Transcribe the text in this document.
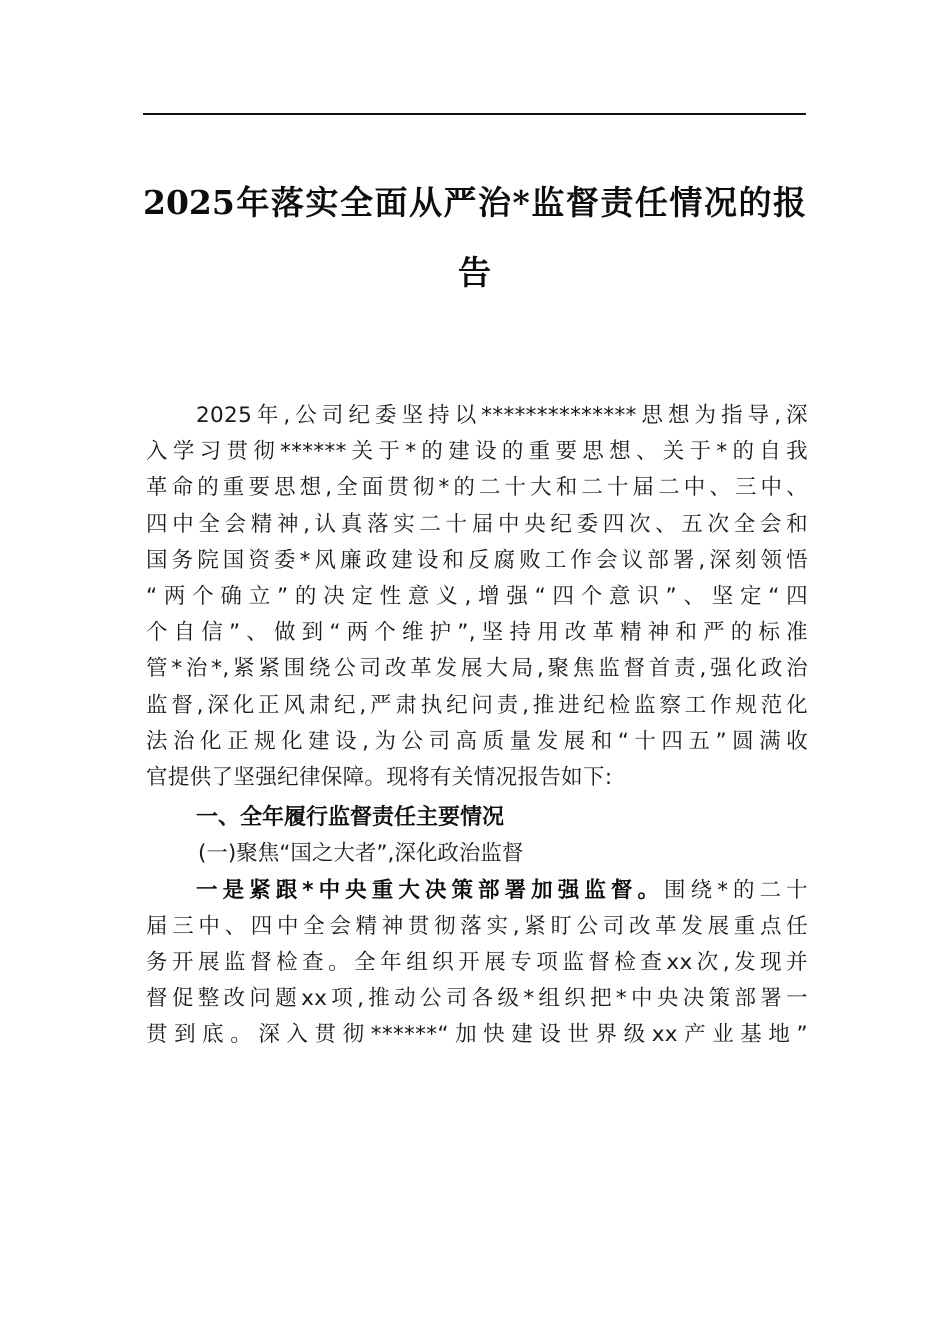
2025年落实全面从严治*监督责任情况的报
告
2025年,公司纪委坚持以**************思想为指导,深
入学习贯彻******关于*的建设的重要思想、关于*的自我
革命的重要思想,全面贯彻*的二十大和二十届二中、三中、
四中全会精神,认真落实二十届中央纪委四次、五次全会和
国务院国资委*风廉政建设和反腐败工作会议部署,深刻领悟
“两个确立”的决定性意义,增强“四个意识”、坚定“四
个自信”、做到“两个维护”,坚持用改革精神和严的标准
管*治*,紧紧围绕公司改革发展大局,聚焦监督首责,强化政治
监督,深化正风肃纪,严肃执纪问责,推进纪检监察工作规范化
法治化正规化建设,为公司高质量发展和“十四五”圆满收
官提供了坚强纪律保障。现将有关情况报告如下:
一、全年履行监督责任主要情况
(一)聚焦“国之大者”,深化政治监督
一是紧跟*中央重大决策部署加强监督。围绕*的二十
届三中、四中全会精神贯彻落实,紧盯公司改革发展重点任
务开展监督检查。全年组织开展专项监督检查xx次,发现并
督促整改问题xx项,推动公司各级*组织把*中央决策部署一
贯到底。深入贯彻******“加快建设世界级xx产业基地”
